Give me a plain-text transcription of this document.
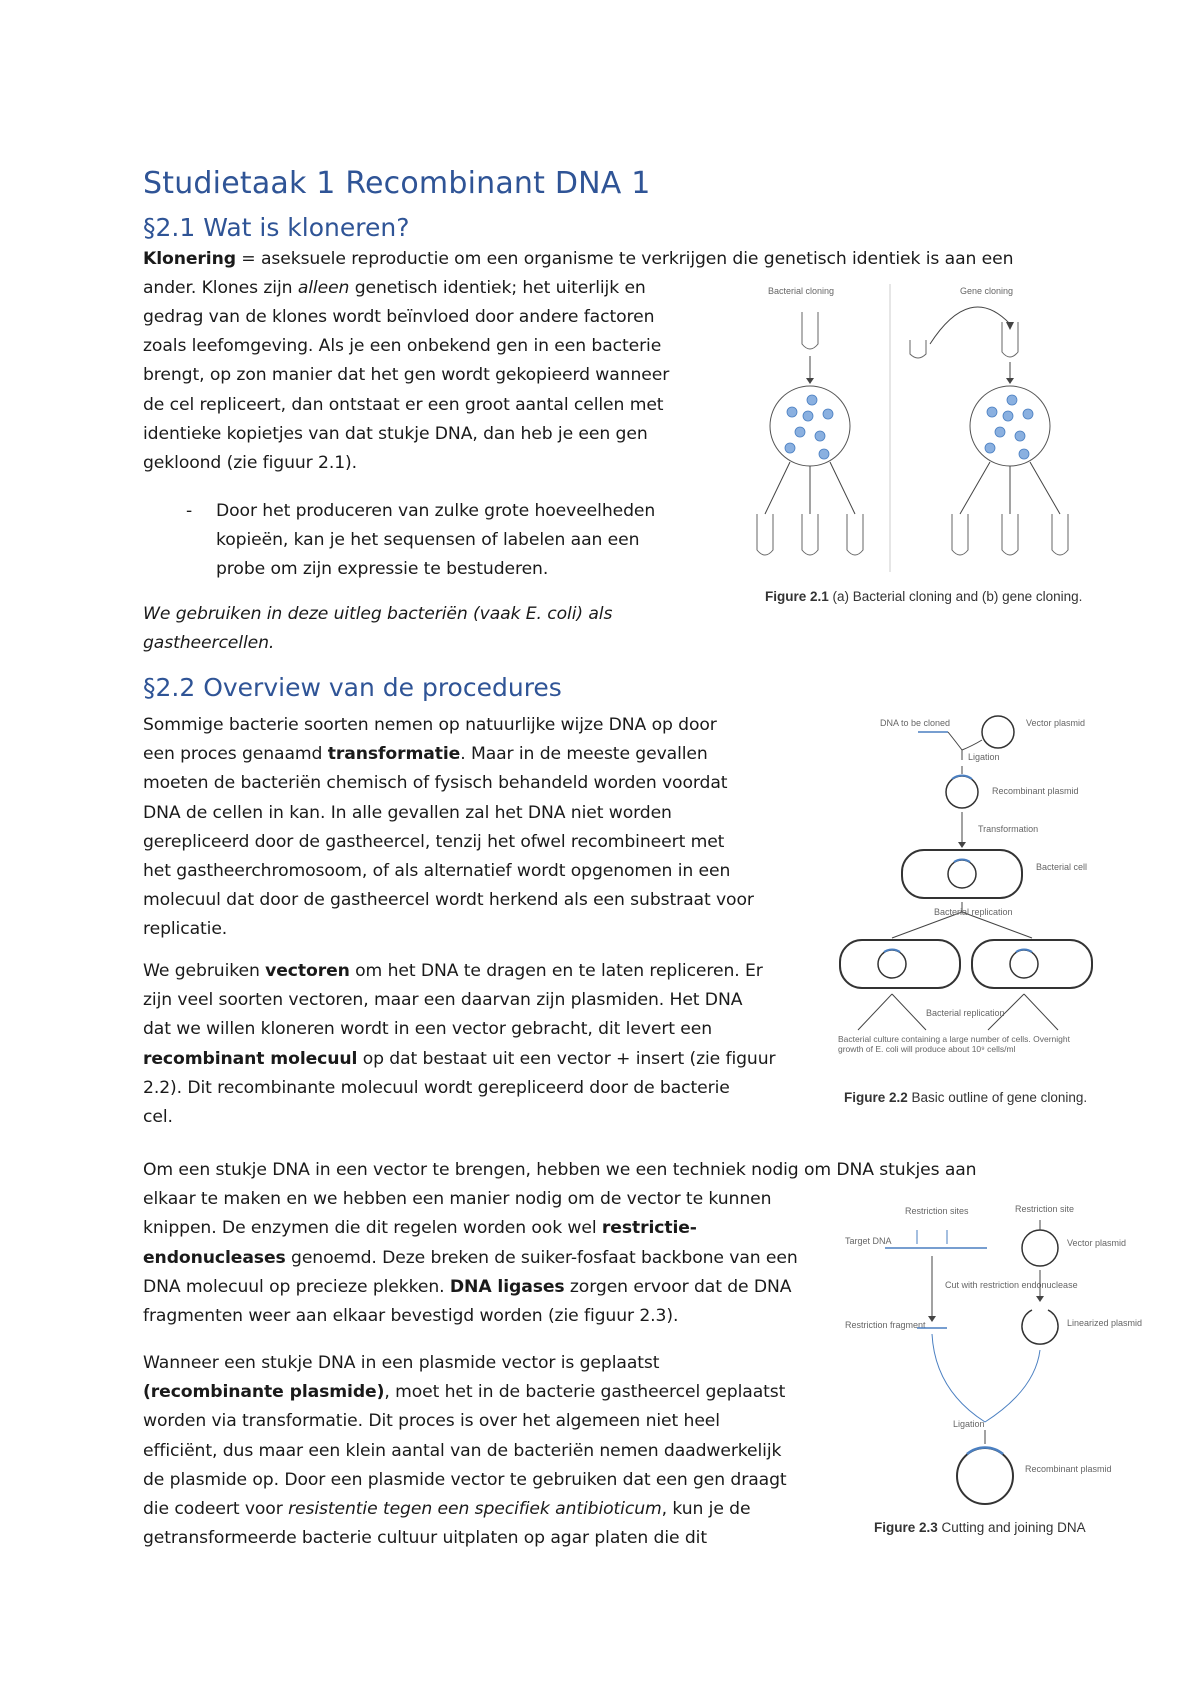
Studietaak 1 Recombinant DNA 1
§2.1 Wat is kloneren?
Klonering = aseksuele reproductie om een organisme te verkrijgen die genetisch identiek is aan een
ander. Klones zijn alleen genetisch identiek; het uiterlijk en
gedrag van de klones wordt beïnvloed door andere factoren
zoals leefomgeving. Als je een onbekend gen in een bacterie
brengt, op zon manier dat het gen wordt gekopieerd wanneer
de cel repliceert, dan ontstaat er een groot aantal cellen met
identieke kopietjes van dat stukje DNA, dan heb je een gen
gekloond (zie figuur 2.1).
- Door het produceren van zulke grote hoeveelheden
kopieën, kan je het sequensen of labelen aan een
probe om zijn expressie te bestuderen.
We gebruiken in deze uitleg bacteriën (vaak E. coli) als
gastheercellen.
Bacterial cloning	Gene cloning
Figure 2.1 (a) Bacterial cloning and (b) gene cloning.
§2.2 Overview van de procedures
Sommige bacterie soorten nemen op natuurlijke wijze DNA op door
een proces genaamd transformatie. Maar in de meeste gevallen
moeten de bacteriën chemisch of fysisch behandeld worden voordat
DNA de cellen in kan. In alle gevallen zal het DNA niet worden
gerepliceerd door de gastheercel, tenzij het ofwel recombineert met
het gastheerchromosoom, of als alternatief wordt opgenomen in een
molecuul dat door de gastheercel wordt herkend als een substraat voor
replicatie.
We gebruiken vectoren om het DNA te dragen en te laten repliceren. Er
zijn veel soorten vectoren, maar een daarvan zijn plasmiden. Het DNA
dat we willen kloneren wordt in een vector gebracht, dit levert een
recombinant molecuul op dat bestaat uit een vector + insert (zie figuur
2.2). Dit recombinante molecuul wordt gerepliceerd door de bacterie
cel.
DNA to be cloned	Vector plasmid
Ligation
Recombinant plasmid
Transformation
Bacterial cell
Bacterial replication
Bacterial replication
Bacterial culture containing a large number of cells. Overnight growth of E. coli will produce about 10⁹ cells/ml
Figure 2.2 Basic outline of gene cloning.
Om een stukje DNA in een vector te brengen, hebben we een techniek nodig om DNA stukjes aan
elkaar te maken en we hebben een manier nodig om de vector te kunnen
knippen. De enzymen die dit regelen worden ook wel restrictie-
endonucleases genoemd. Deze breken de suiker-fosfaat backbone van een
DNA molecuul op precieze plekken. DNA ligases zorgen ervoor dat de DNA
fragmenten weer aan elkaar bevestigd worden (zie figuur 2.3).
Restriction sites	Restriction site
Target DNA	Vector plasmid
Cut with restriction endonuclease
Restriction fragment	Linearized plasmid
Ligation
Recombinant plasmid
Figure 2.3 Cutting and joining DNA
Wanneer een stukje DNA in een plasmide vector is geplaatst
(recombinante plasmide), moet het in de bacterie gastheercel geplaatst
worden via transformatie. Dit proces is over het algemeen niet heel
efficiënt, dus maar een klein aantal van de bacteriën nemen daadwerkelijk
de plasmide op. Door een plasmide vector te gebruiken dat een gen draagt
die codeert voor resistentie tegen een specifiek antibioticum, kun je de
getransformeerde bacterie cultuur uitplaten op agar platen die dit
